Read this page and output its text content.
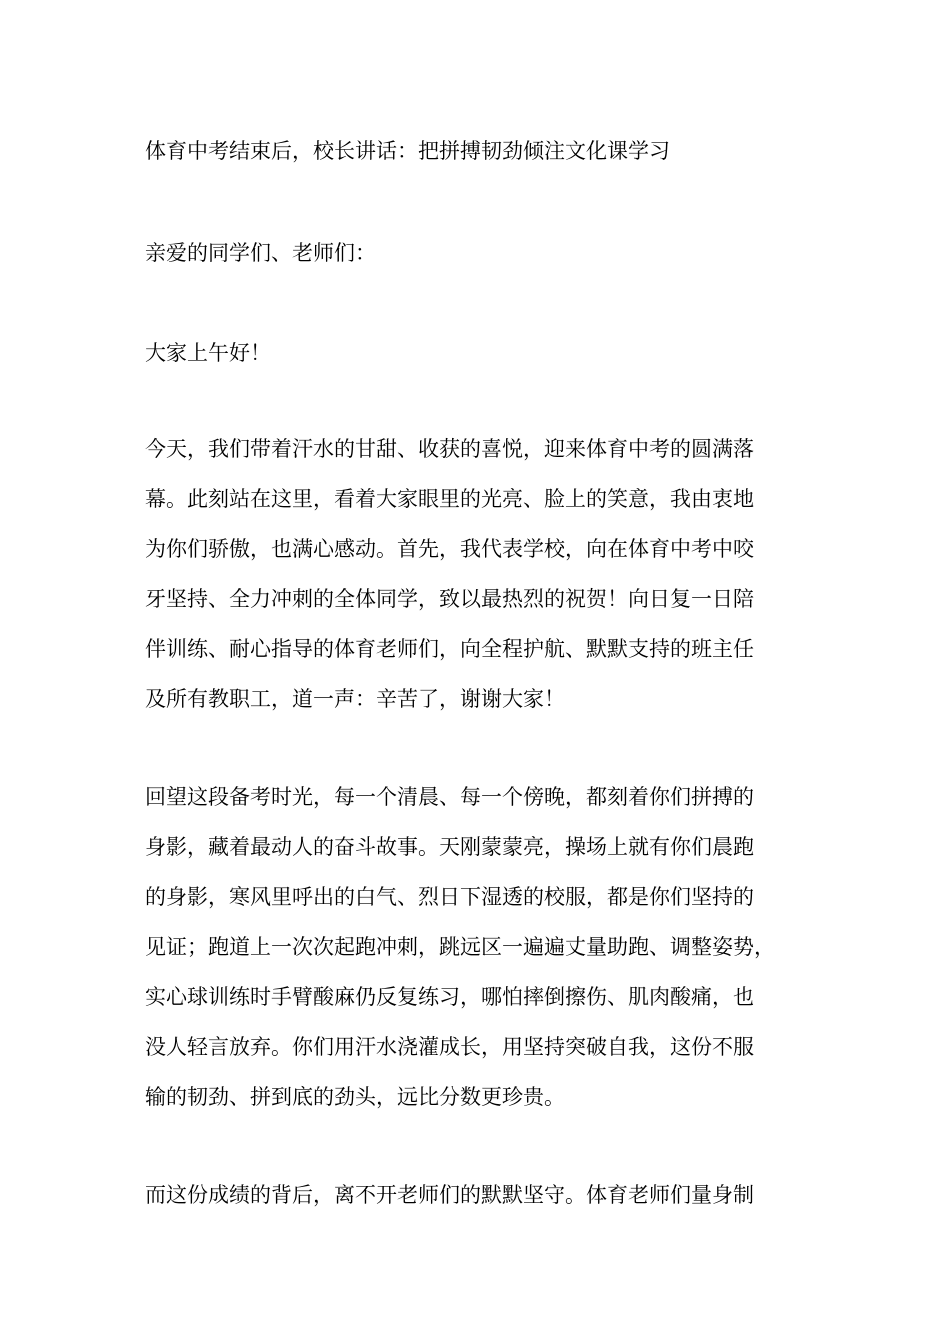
体育中考结束后，校长讲话：把拼搏韧劲倾注文化课学习
亲爱的同学们、老师们：
大家上午好！
今天，我们带着汗水的甘甜、收获的喜悦，迎来体育中考的圆满落
幕。此刻站在这里，看着大家眼里的光亮、脸上的笑意，我由衷地
为你们骄傲，也满心感动。首先，我代表学校，向在体育中考中咬
牙坚持、全力冲刺的全体同学，致以最热烈的祝贺！向日复一日陪
伴训练、耐心指导的体育老师们，向全程护航、默默支持的班主任
及所有教职工，道一声：辛苦了，谢谢大家！
回望这段备考时光，每一个清晨、每一个傍晚，都刻着你们拼搏的
身影，藏着最动人的奋斗故事。天刚蒙蒙亮，操场上就有你们晨跑
的身影，寒风里呼出的白气、烈日下湿透的校服，都是你们坚持的
见证；跑道上一次次起跑冲刺，跳远区一遍遍丈量助跑、调整姿势，
实心球训练时手臂酸麻仍反复练习，哪怕摔倒擦伤、肌肉酸痛，也
没人轻言放弃。你们用汗水浇灌成长，用坚持突破自我，这份不服
输的韧劲、拼到底的劲头，远比分数更珍贵。
而这份成绩的背后，离不开老师们的默默坚守。体育老师们量身制
